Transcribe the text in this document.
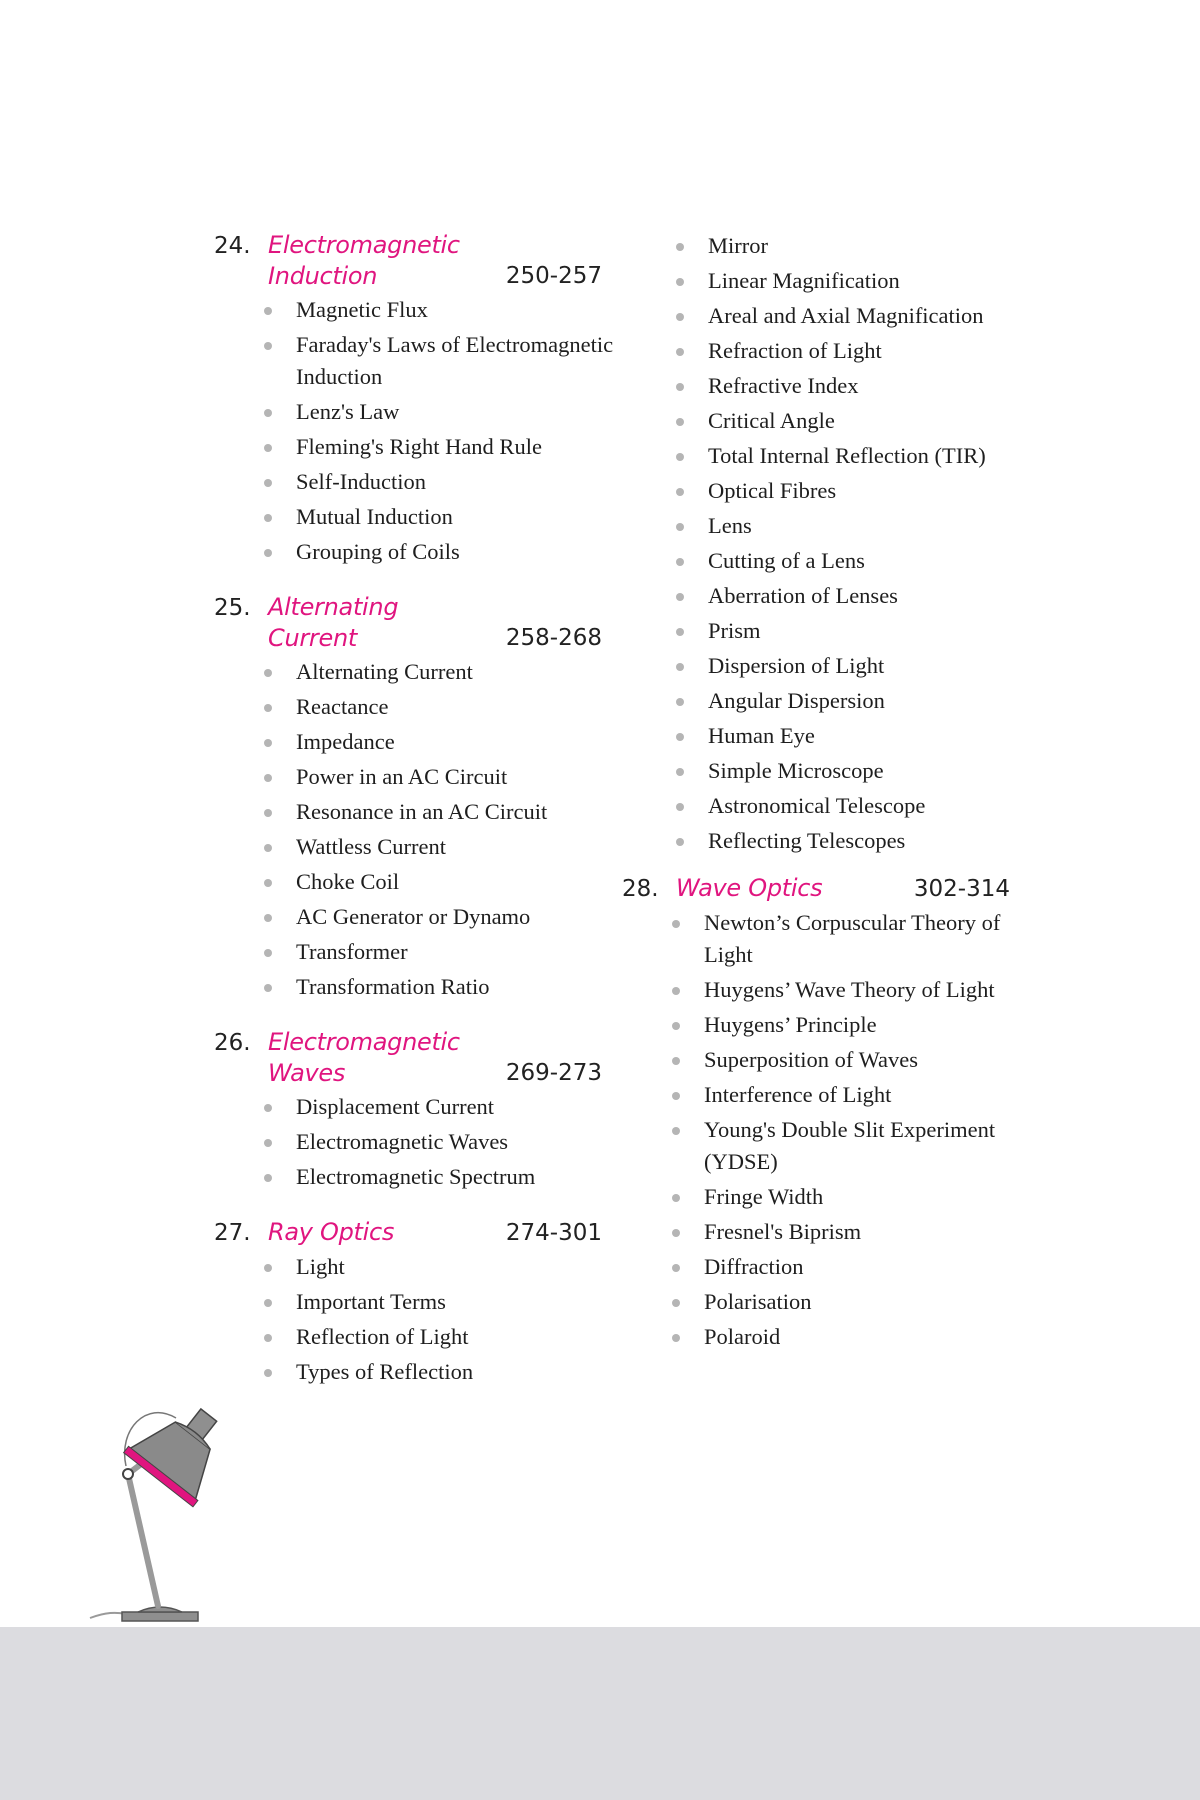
24. Electromagnetic
Induction	250-257
Magnetic Flux
Faraday's Laws of Electromagnetic Induction
Lenz's Law
Fleming's Right Hand Rule
Self-Induction
Mutual Induction
Grouping of Coils
25. Alternating
Current	258-268
Alternating Current
Reactance
Impedance
Power in an AC Circuit
Resonance in an AC Circuit
Wattless Current
Choke Coil
AC Generator or Dynamo
Transformer
Transformation Ratio
26. Electromagnetic
Waves	269-273
Displacement Current
Electromagnetic Waves
Electromagnetic Spectrum
27. Ray Optics	274-301
Light
Important Terms
Reflection of Light
Types of Reflection
Mirror
Linear Magnification
Areal and Axial Magnification
Refraction of Light
Refractive Index
Critical Angle
Total Internal Reflection (TIR)
Optical Fibres
Lens
Cutting of a Lens
Aberration of Lenses
Prism
Dispersion of Light
Angular Dispersion
Human Eye
Simple Microscope
Astronomical Telescope
Reflecting Telescopes
28. Wave Optics	302-314
Newton’s Corpuscular Theory of Light
Huygens’ Wave Theory of Light
Huygens’ Principle
Superposition of Waves
Interference of Light
Young's Double Slit Experiment (YDSE)
Fringe Width
Fresnel's Biprism
Diffraction
Polarisation
Polaroid
